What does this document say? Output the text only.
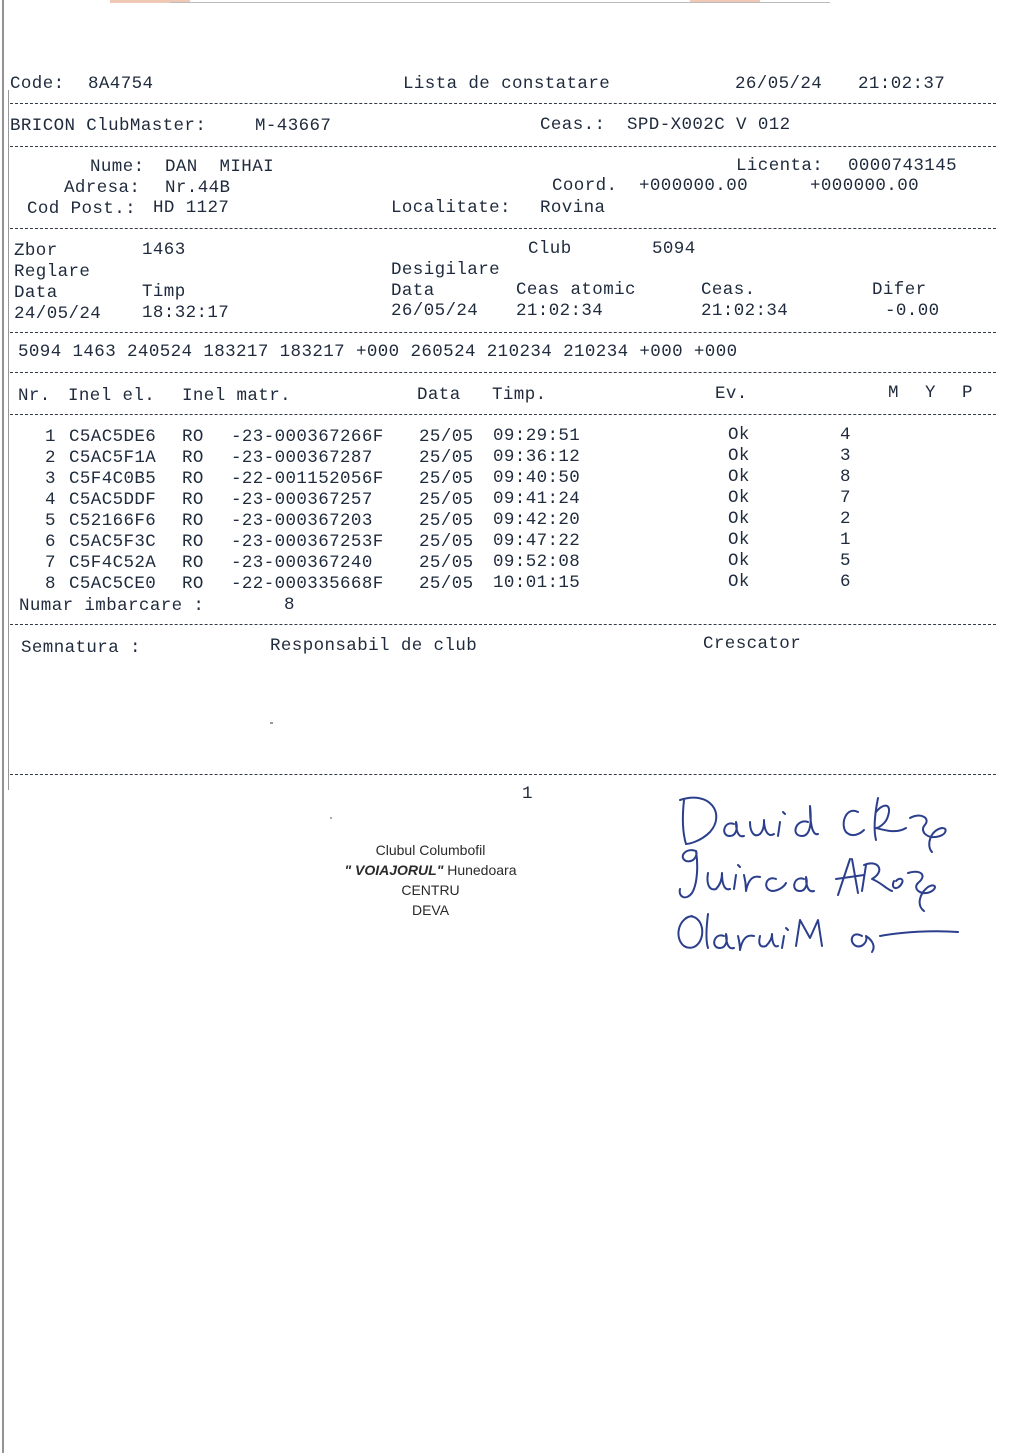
Code: 8A4754	Lista de constatare	26/05/24 21:02:37
BRICON ClubMaster:	M-43667	Ceas.: SPD-X002C V 012
Nume: DAN  MIHAI	Licenta: 0000743145
Adresa: Nr.44B	Coord. +000000.00	+000000.00
Cod Post.: HD 1127	Localitate: Rovina
Zbor	1463	Club	5094
Reglare	Desigilare
Data	Timp	Data	Ceas atomic	Ceas.	Difer
24/05/24 18:32:17	26/05/24 21:02:34	21:02:34	-0.00
5094 1463 240524 183217 183217 +000 260524 210234 210234 +000 +000
Nr. Inel el. Inel matr.	Data Timp.	Ev.	M Y P
1 C5AC5DE6 RO -23-000367266F 25/05 09:29:51	Ok	4
2 C5AC5F1A RO -23-000367287	25/05 09:36:12	Ok	3
3 C5F4C0B5 RO -22-001152056F 25/05 09:40:50	Ok	8
4 C5AC5DDF RO -23-000367257	25/05 09:41:24	Ok	7
5 C52166F6 RO -23-000367203	25/05 09:42:20	Ok	2
6 C5AC5F3C RO -23-000367253F 25/05 09:47:22	Ok	1
7 C5F4C52A RO -23-000367240	25/05 09:52:08	Ok	5
8 C5AC5CE0 RO -22-000335668F 25/05 10:01:15	Ok	6
Numar imbarcare :	8
Semnatura :	Responsabil de club	Crescator
1
Clubul Columbofil
" VOIAJORUL" Hunedoara
CENTRU
DEVA
